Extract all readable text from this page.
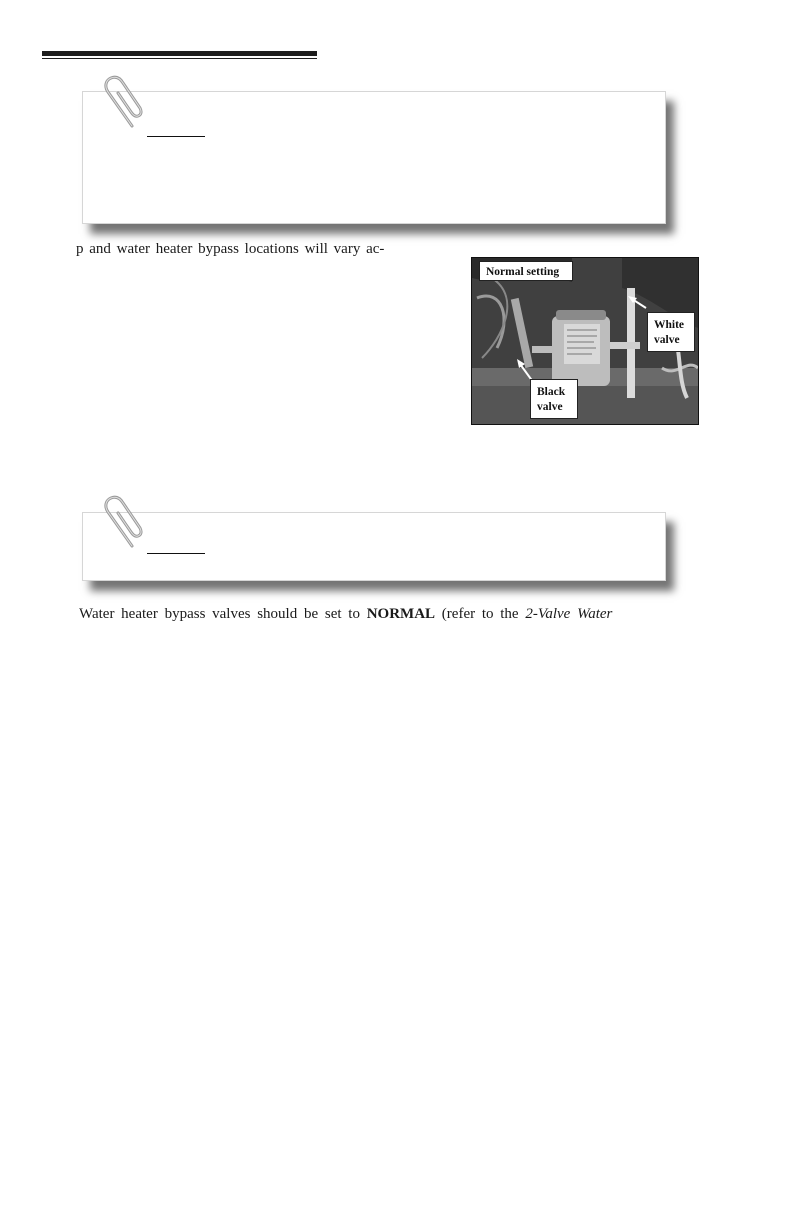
p and water heater bypass locations will vary ac-
Normal setting
White
valve
Black
valve
Water heater bypass valves should be set to NORMAL (refer to the 2-Valve Water
